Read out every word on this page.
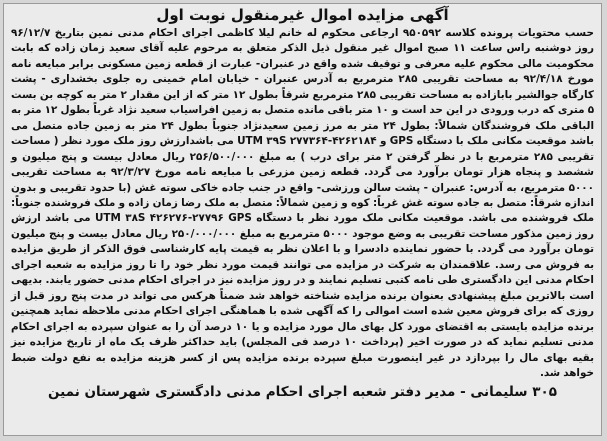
آگهی مزایده اموال غیرمنقول نوبت اول

حسب محتویات پرونده کلاسه ۹۵۰۵۹۲ ارجاعی محکوم له خانم لیلا کاظمی اجرای احکام مدنی نمین بتاریخ ۹۶/۱۲/۷ روز دوشنبه راس ساعت ۱۱ صبح اموال غیر منقول ذیل الذکر متعلق به مرحوم علیه آقای سعید زمان زاده که بابت محکومیت مالی محکوم علیه معرفی و توقیف شده واقع در عنبران- عبارت از قطعه زمین مسکونی برابر مبایعه نامه مورخ ۹۲/۴/۱۸ به مساحت تقریبی ۲۸۵ مترمربع به آدرس عنبران - خیابان امام خمینی ره جلوی بخشداری - پشت کارگاه جوالشیر بابازاده به مساحت تقریبی ۲۸۵ مترمربع شرقاً بطول ۱۲ متر که از این مقدار ۲ متر به کوچه بن بست ۵ متری که درب ورودی در این حد است و ۱۰ متر باقی مانده متصل به زمین افراسیاب سعید نژاد غرباً بطول ۱۲ متر به الباقی ملک فروشندگان شمالاً: بطول ۲۴ متر به مرز زمین سعیدنژاد جنوباً بطول ۲۴ متر به زمین جاده متصل می باشد موقعیت مکانی ملک با دستگاه GPS و ۴۲۶۲۱۸۴-۲۷۷۳۶۴ UTM ۳۹S می باشدارزش روز ملک مورد نظر ( مساحت تقریبی ۲۸۵ مترمربع با در نظر گرفتن ۲ متر برای درب ) به مبلغ ۲۵۶/۵۰۰/۰۰۰ ریال معادل بیست و پنج میلیون و ششصد و پنجاه هزار تومان برآورد می گردد. قطعه زمین مزرعی با مبایعه نامه مورخ ۹۲/۳/۲۷ به مساحت تقریبی ۵۰۰۰ مترمربع، به آدرس: عنبران - پشت سالن ورزشی- واقع در جنب جاده خاکی سوته غش (با حدود تقریبی و بدون اندازه شرقاً: متصل به جاده سوته غش غرباً: کوه و زمین شمالاً: متصل به ملک رضا زمان زاده و ملک فروشنده جنوباً: ملک فروشنده می باشد. موقعیت مکانی ملک مورد نظر با دستگاه UTM ۳۸S ۴۲۶۲۷۶-۲۷۷۹۶ GPS می باشد ارزش روز زمین مذکور مساحت تقریبی به وضع موجود ۵۰۰۰ مترمربع به مبلغ ۲۵۰/۰۰۰/۰۰۰ ریال معادل بیست و پنج میلیون تومان برآورد می گردد. با حضور نماینده دادسرا و با اعلان نظر به قیمت پایه کارشناسی فوق الذکر از طریق مزایده به فروش می رسد. علاقمندان به شرکت در مزایده می توانند قیمت مورد نظر خود را تا روز مزایده به شعبه اجرای احکام مدنی این دادگستری طی نامه کتبی تسلیم نمایند و در روز مزایده نیز در اجرای احکام مدنی حضور یابند. بدیهی است بالاترین مبلغ پیشنهادی بعنوان برنده مزایده شناخته خواهد شد ضمناً هرکس می تواند در مدت پنج روز قبل از روزی که برای فروش معین شده است اموالی را که آگهی شده با هماهنگی اجرای احکام مدنی ملاحظه نماید همچنین برنده مزایده بایستی به اقتضای مورد کل بهای مال مورد مزایده و یا ۱۰ درصد آن را به عنوان سپرده به اجرای احکام مدنی تسلیم نماید که در صورت اخیر (پرداخت ۱۰ درصد فی المجلس) باید حداکثر ظرف یک ماه از تاریخ مزایده نیز بقیه بهای مال را بپردازد در غیر اینصورت مبلغ سپرده برنده مزایده پس از کسر هزینه مزایده به نفع دولت ضبط خواهد شد.

۳۰۵ سلیمانی - مدیر دفتر شعبه اجرای احکام مدنی دادگستری شهرستان نمین
